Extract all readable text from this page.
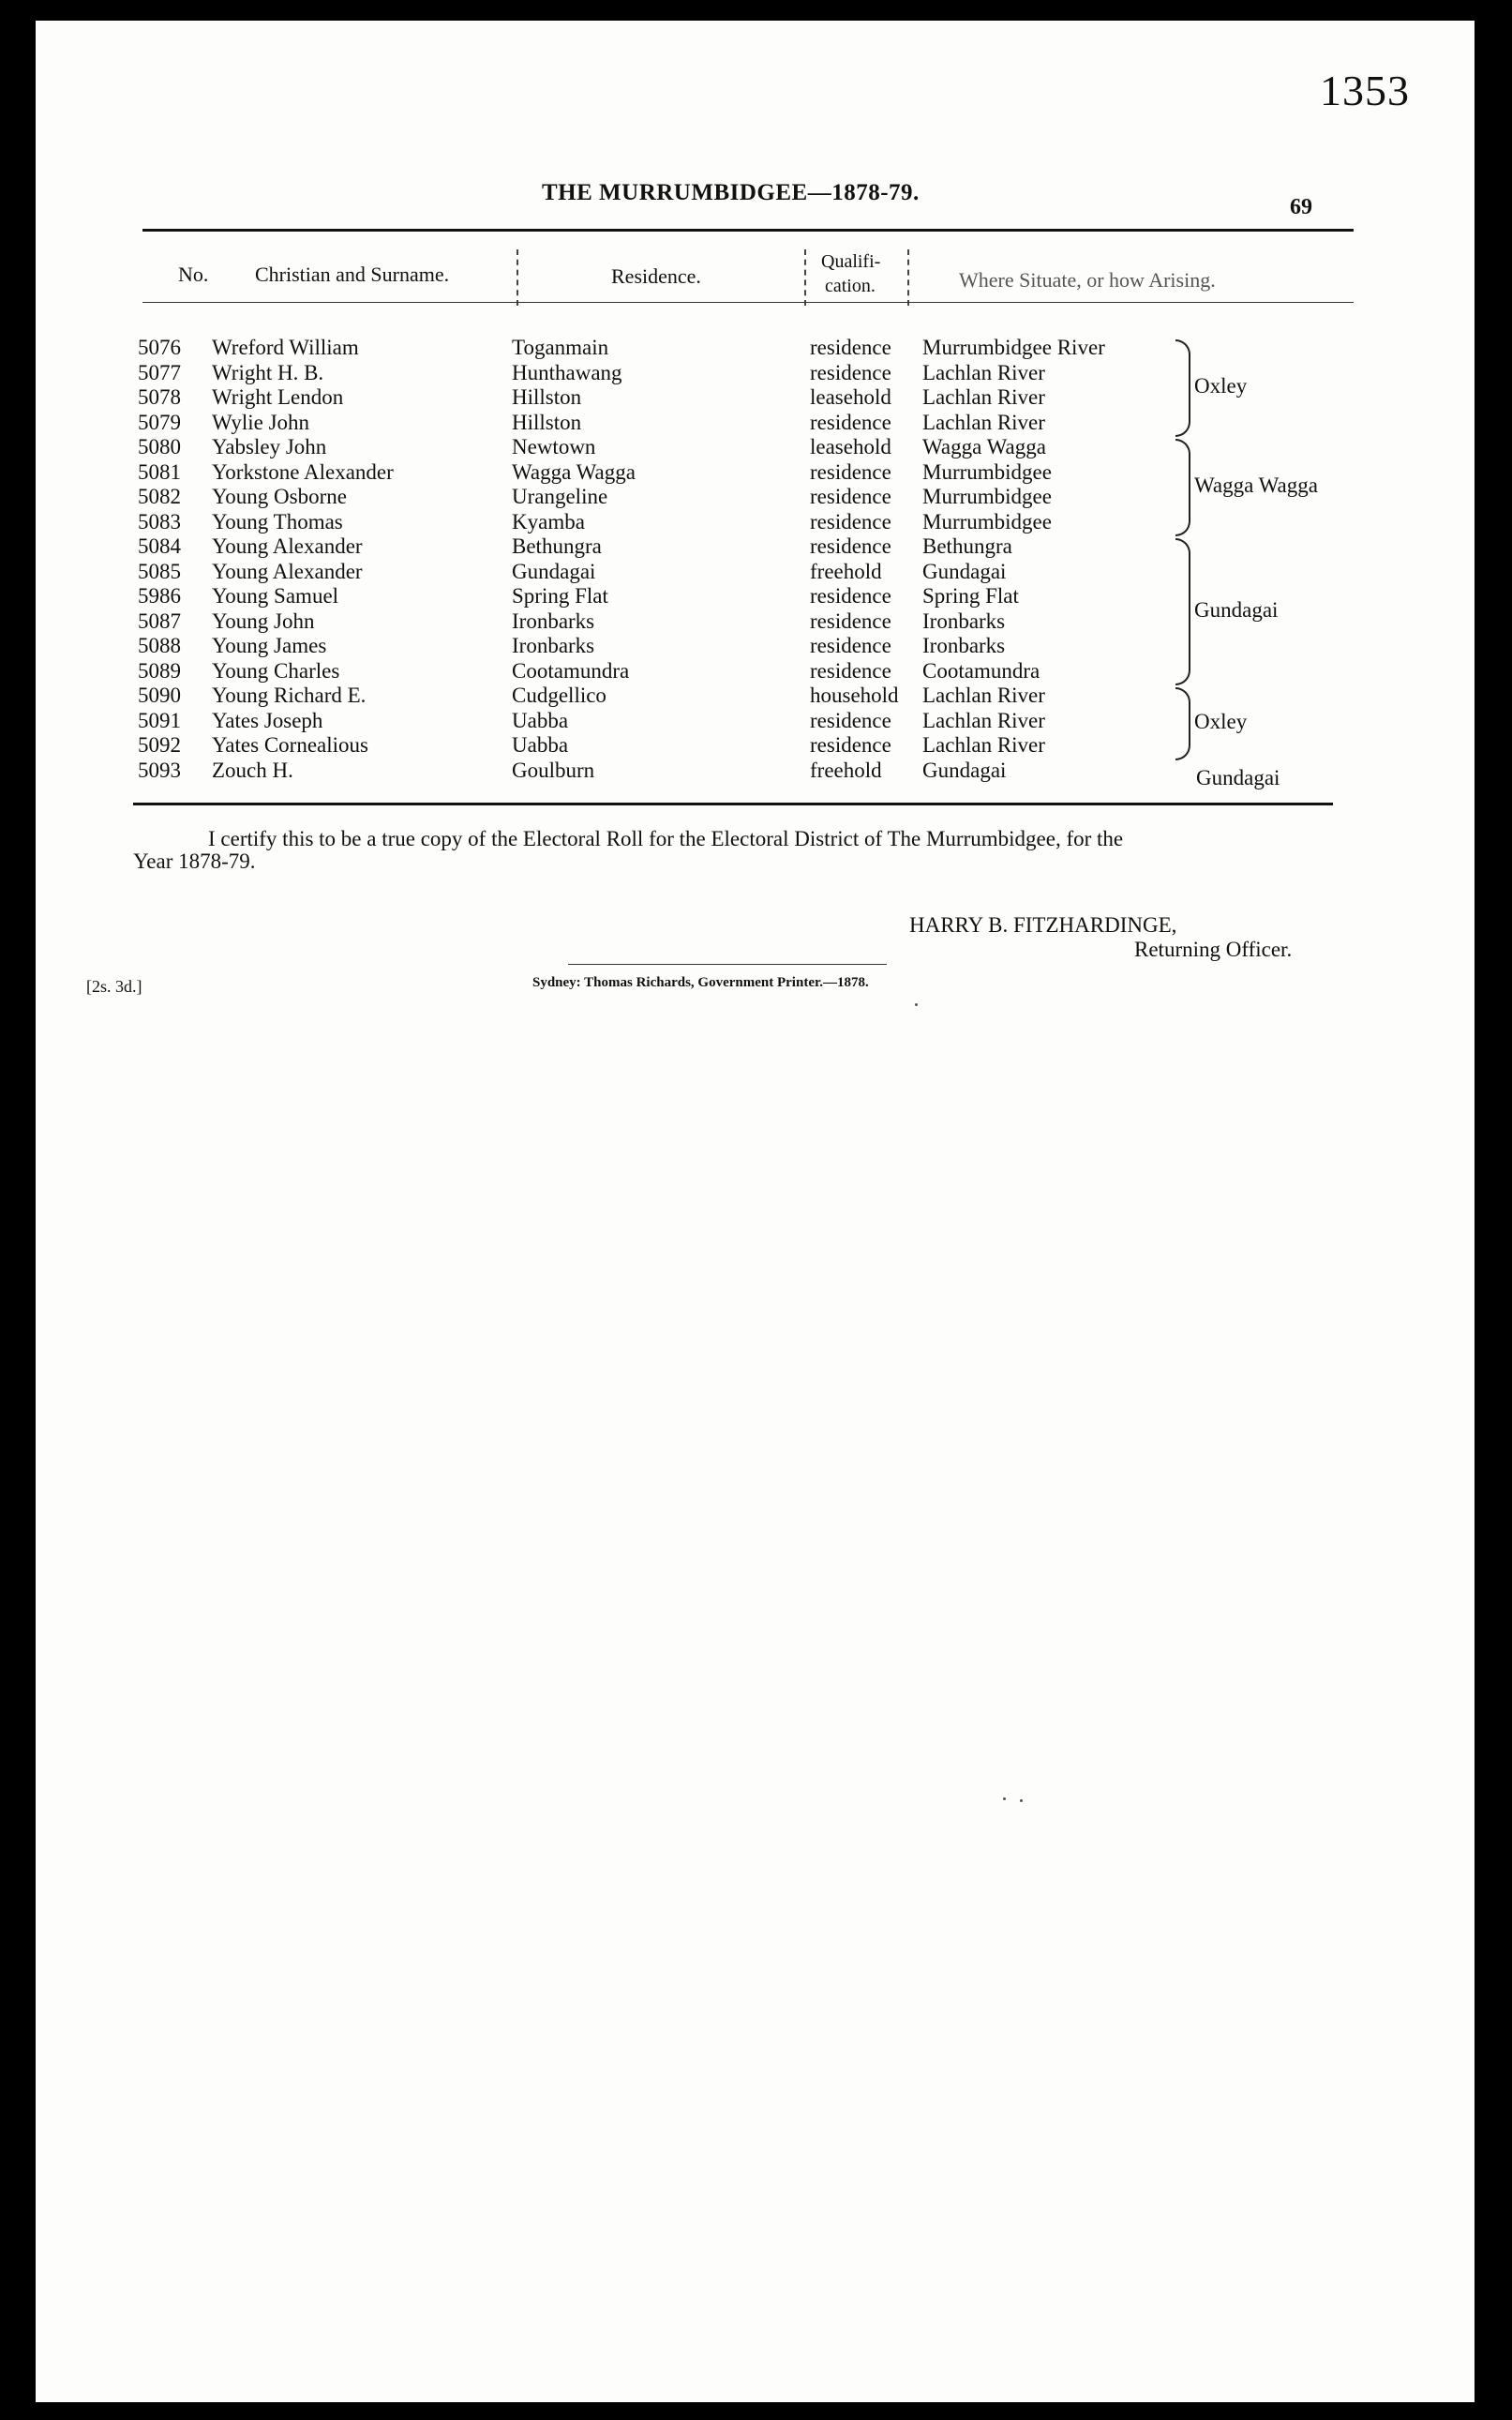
1353
THE MURRUMBIDGEE—1878-79.
69
No. Christian and Surname.	Residence.
Qualifi-
cation.	Where Situate, or how Arising.
5076 Wreford William	Toganmain	residence Murrumbidgee River
5077 Wright H. B.	Hunthawang	residence Lachlan River
5078 Wright Lendon	Hillston	leasehold Lachlan River
5079 Wylie John	Hillston	residence Lachlan River
5080 Yabsley John	Newtown	leasehold Wagga Wagga
5081 Yorkstone Alexander	Wagga Wagga	residence Murrumbidgee
5082 Young Osborne	Urangeline	residence Murrumbidgee
5083 Young Thomas	Kyamba	residence Murrumbidgee
5084 Young Alexander	Bethungra	residence Bethungra
5085 Young Alexander	Gundagai	freehold Gundagai
5986 Young Samuel	Spring Flat	residence Spring Flat
5087 Young John	Ironbarks	residence Ironbarks
5088 Young James	Ironbarks	residence Ironbarks
5089 Young Charles	Cootamundra	residence Cootamundra
5090 Young Richard E.	Cudgellico	household Lachlan River
5091 Yates Joseph	Uabba	residence Lachlan River
5092 Yates Cornealious	Uabba	residence Lachlan River
5093 Zouch H.	Goulburn	freehold Gundagai
Oxley
Wagga Wagga
Gundagai
Oxley
Gundagai
I certify this to be a true copy of the Electoral Roll for the Electoral District of The Murrumbidgee, for the
Year 1878-79.
HARRY B. FITZHARDINGE,
Returning Officer.
[2s. 3d.]	Sydney: Thomas Richards, Government Printer.—1878.
